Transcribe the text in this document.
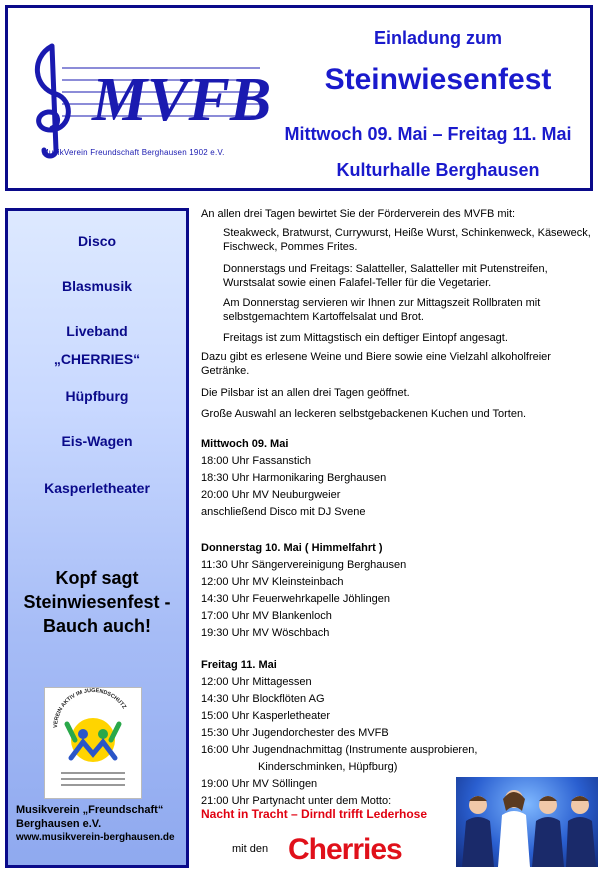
MVFB
MusikVerein Freundschaft Berghausen 1902 e.V.
Einladung zum
Steinwiesenfest
Mittwoch 09. Mai – Freitag 11. Mai
Kulturhalle Berghausen
Disco
Blasmusik
Liveband
„CHERRIES“
Hüpfburg
Eis-Wagen
Kasperletheater
Kopf sagt
Steinwiesenfest -
Bauch auch!
VEREIN AKTIV IM JUGENDSCHUTZ
Musikverein „Freundschaft“
Berghausen e.V.
www.musikverein-berghausen.de
An allen drei Tagen bewirtet Sie der Förderverein des MVFB mit:
Steakweck, Bratwurst, Currywurst, Heiße Wurst, Schinkenweck, Käseweck, Fischweck, Pommes Frites.
Donnerstags und Freitags: Salatteller, Salatteller mit Putenstreifen, Wurstsalat sowie einen Falafel-Teller für die Vegetarier.
Am Donnerstag servieren wir Ihnen zur Mittagszeit Rollbraten mit selbstgemachtem Kartoffelsalat und Brot.
Freitags ist zum Mittagstisch ein deftiger Eintopf angesagt.
Dazu gibt es erlesene Weine und Biere sowie eine Vielzahl alkoholfreier Getränke.
Die Pilsbar ist an allen drei Tagen geöffnet.
Große Auswahl an leckeren selbstgebackenen Kuchen und Torten.
Mittwoch 09. Mai
18:00 Uhr Fassanstich
18:30 Uhr Harmonikaring Berghausen
20:00 Uhr MV Neuburgweier
anschließend Disco mit DJ Svene
Donnerstag 10. Mai ( Himmelfahrt )
11:30 Uhr Sängervereinigung Berghausen
12:00 Uhr MV Kleinsteinbach
14:30 Uhr Feuerwehrkapelle Jöhlingen
17:00 Uhr MV Blankenloch
19:30 Uhr MV Wöschbach
Freitag 11. Mai
12:00 Uhr Mittagessen
14:30 Uhr Blockflöten AG
15:00 Uhr Kasperletheater
15:30 Uhr Jugendorchester des MVFB
16:00 Uhr Jugendnachmittag (Instrumente ausprobieren,
Kinderschminken, Hüpfburg)
19:00 Uhr MV Söllingen
21:00 Uhr Partynacht unter dem Motto:
Nacht in Tracht – Dirndl trifft Lederhose
mit den Cherries
